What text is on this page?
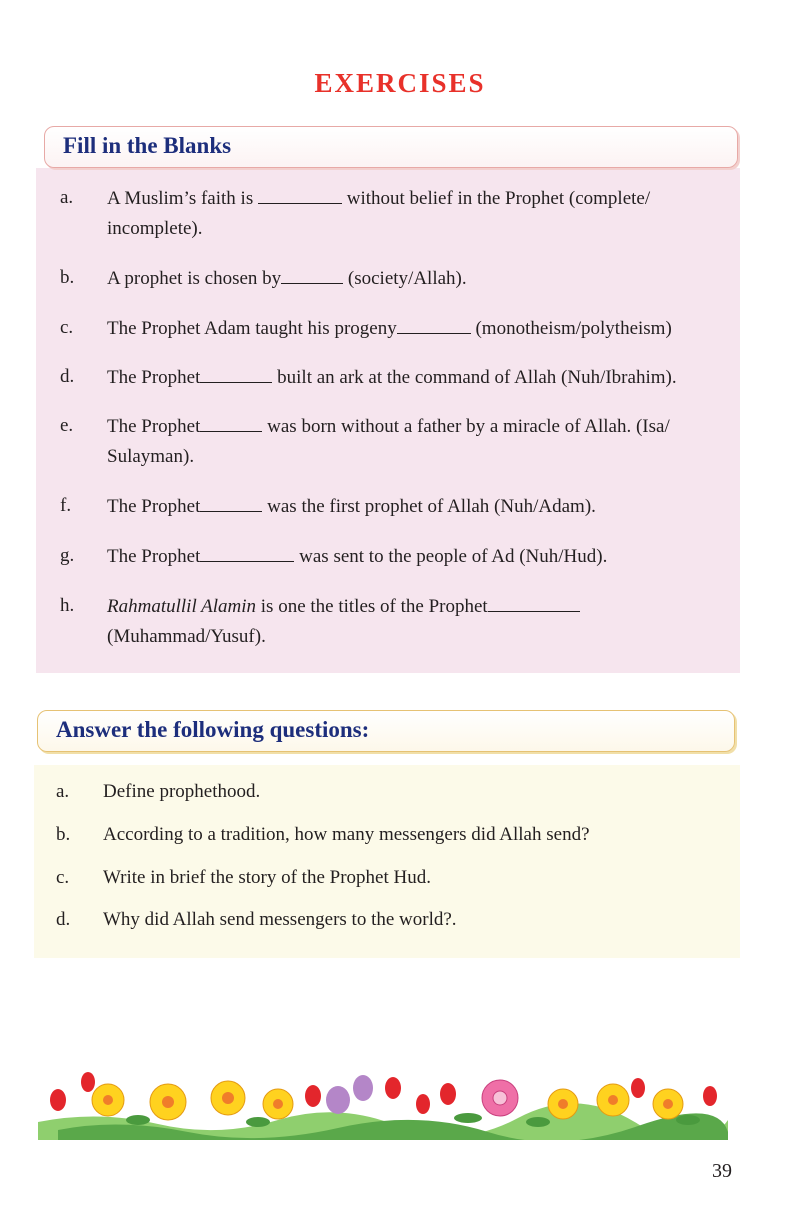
EXERCISES
Fill in the Blanks
a.	A Muslim’s faith is	without belief in the Prophet (complete/
incomplete).
b.	A prophet is chosen by	(society/Allah).
c.	The Prophet Adam taught his progeny	(monotheism/polytheism)
d.	The Prophet	built an ark at the command of Allah (Nuh/Ibrahim).
e.	The Prophet	was born without a father by a miracle of Allah. (Isa/
Sulayman).
f.	The Prophet	was the first prophet of Allah (Nuh/Adam).
g.	The Prophet	was sent to the people of Ad (Nuh/Hud).
h.	Rahmatullil Alamin is one the titles of the Prophet
(Muhammad/Yusuf).
Answer the following questions:
a.	Define prophethood.
b.	According to a tradition, how many messengers did Allah send?
c.	Write in brief the story of the Prophet Hud.
d.	Why did Allah send messengers to the world?.
39
